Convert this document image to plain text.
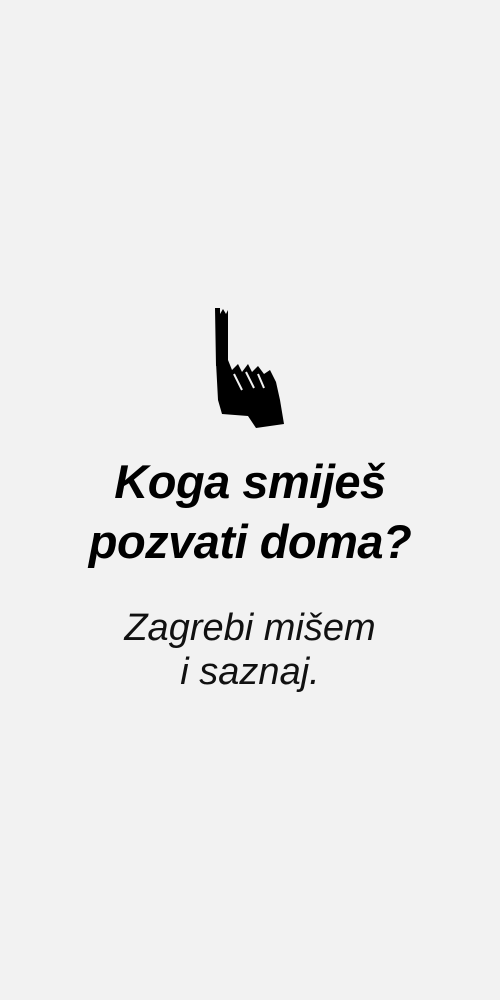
Koga smiješ
pozvati doma?
Zagrebi mišem
i saznaj.
